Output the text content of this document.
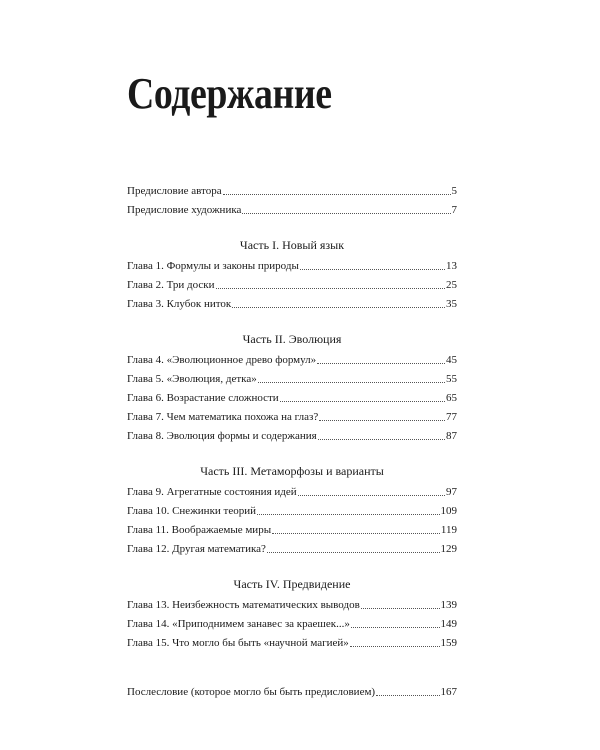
Содержание
Предисловие автора	5
Предисловие художника	7
Часть I. Новый язык
Глава 1. Формулы и законы природы	13
Глава 2. Три доски	25
Глава 3. Клубок ниток	35
Часть II. Эволюция
Глава 4. «Эволюционное древо формул»	45
Глава 5. «Эволюция, детка»	55
Глава 6. Возрастание сложности	65
Глава 7. Чем математика похожа на глаз?	77
Глава 8. Эволюция формы и содержания	87
Часть III. Метаморфозы и варианты
Глава 9. Агрегатные состояния идей	97
Глава 10. Снежинки теорий	109
Глава 11. Воображаемые миры	119
Глава 12. Другая математика?	129
Часть IV. Предвидение
Глава 13. Неизбежность математических выводов	139
Глава 14. «Приподнимем занавес за краешек...»	149
Глава 15. Что могло бы быть «научной магией»	159
Послесловие (которое могло бы быть предисловием)	167
